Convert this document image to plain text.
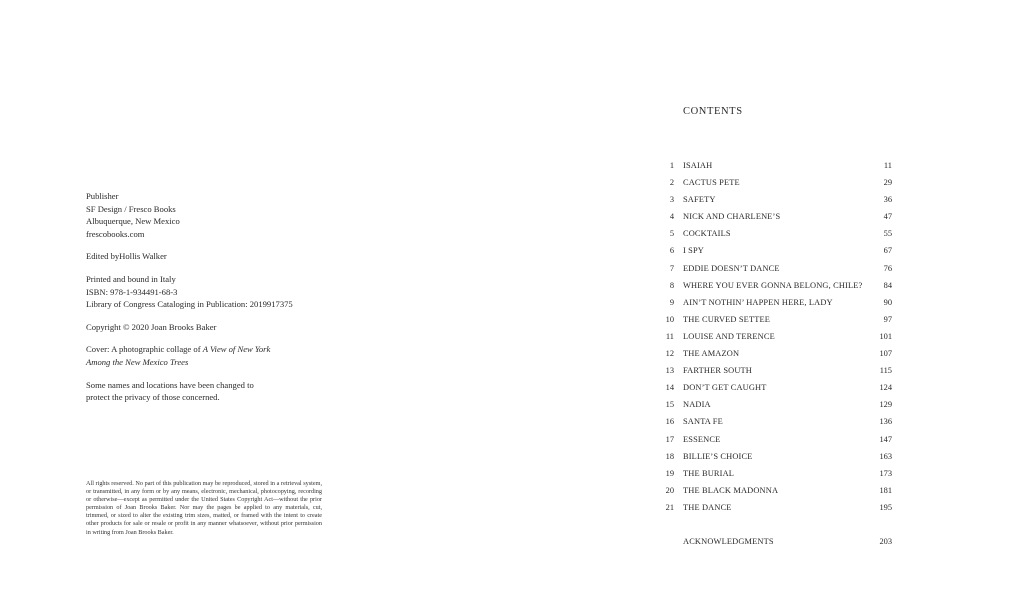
Publisher
SF Design / Fresco Books
Albuquerque, New Mexico
frescobooks.com
Edited byHollis Walker
Printed and bound in Italy
ISBN: 978-1-934491-68-3
Library of Congress Cataloging in Publication: 2019917375
Copyright © 2020 Joan Brooks Baker
Cover: A photographic collage of A View of New York
Among the New Mexico Trees
Some names and locations have been changed to
protect the privacy of those concerned.
All rights reserved. No part of this publication may be reproduced, stored in a retrieval system, or transmitted, in any form or by any means, electronic, mechanical, photocopying, recording or otherwise—except as permitted under the United States Copyright Act—without the prior permission of Joan Brooks Baker. Nor may the pages be applied to any materials, cut, trimmed, or sized to alter the existing trim sizes, matted, or framed with the intent to create other products for sale or resale or profit in any manner whatsoever, without prior permission in writing from Joan Brooks Baker.
CONTENTS
1 ISAIAH	11
2 CACTUS PETE	29
3 SAFETY	36
4 NICK AND CHARLENE’S	47
5 COCKTAILS	55
6 I SPY	67
7 EDDIE DOESN’T DANCE	76
8 WHERE YOU EVER GONNA BELONG, CHILE?	84
9 AIN’T NOTHIN’ HAPPEN HERE, LADY	90
10 THE CURVED SETTEE	97
11 LOUISE AND TERENCE	101
12 THE AMAZON	107
13 FARTHER SOUTH	115
14 DON’T GET CAUGHT	124
15 NADIA	129
16 SANTA FE	136
17 ESSENCE	147
18 BILLIE’S CHOICE	163
19 THE BURIAL	173
20 THE BLACK MADONNA	181
21 THE DANCE	195
ACKNOWLEDGMENTS	203
